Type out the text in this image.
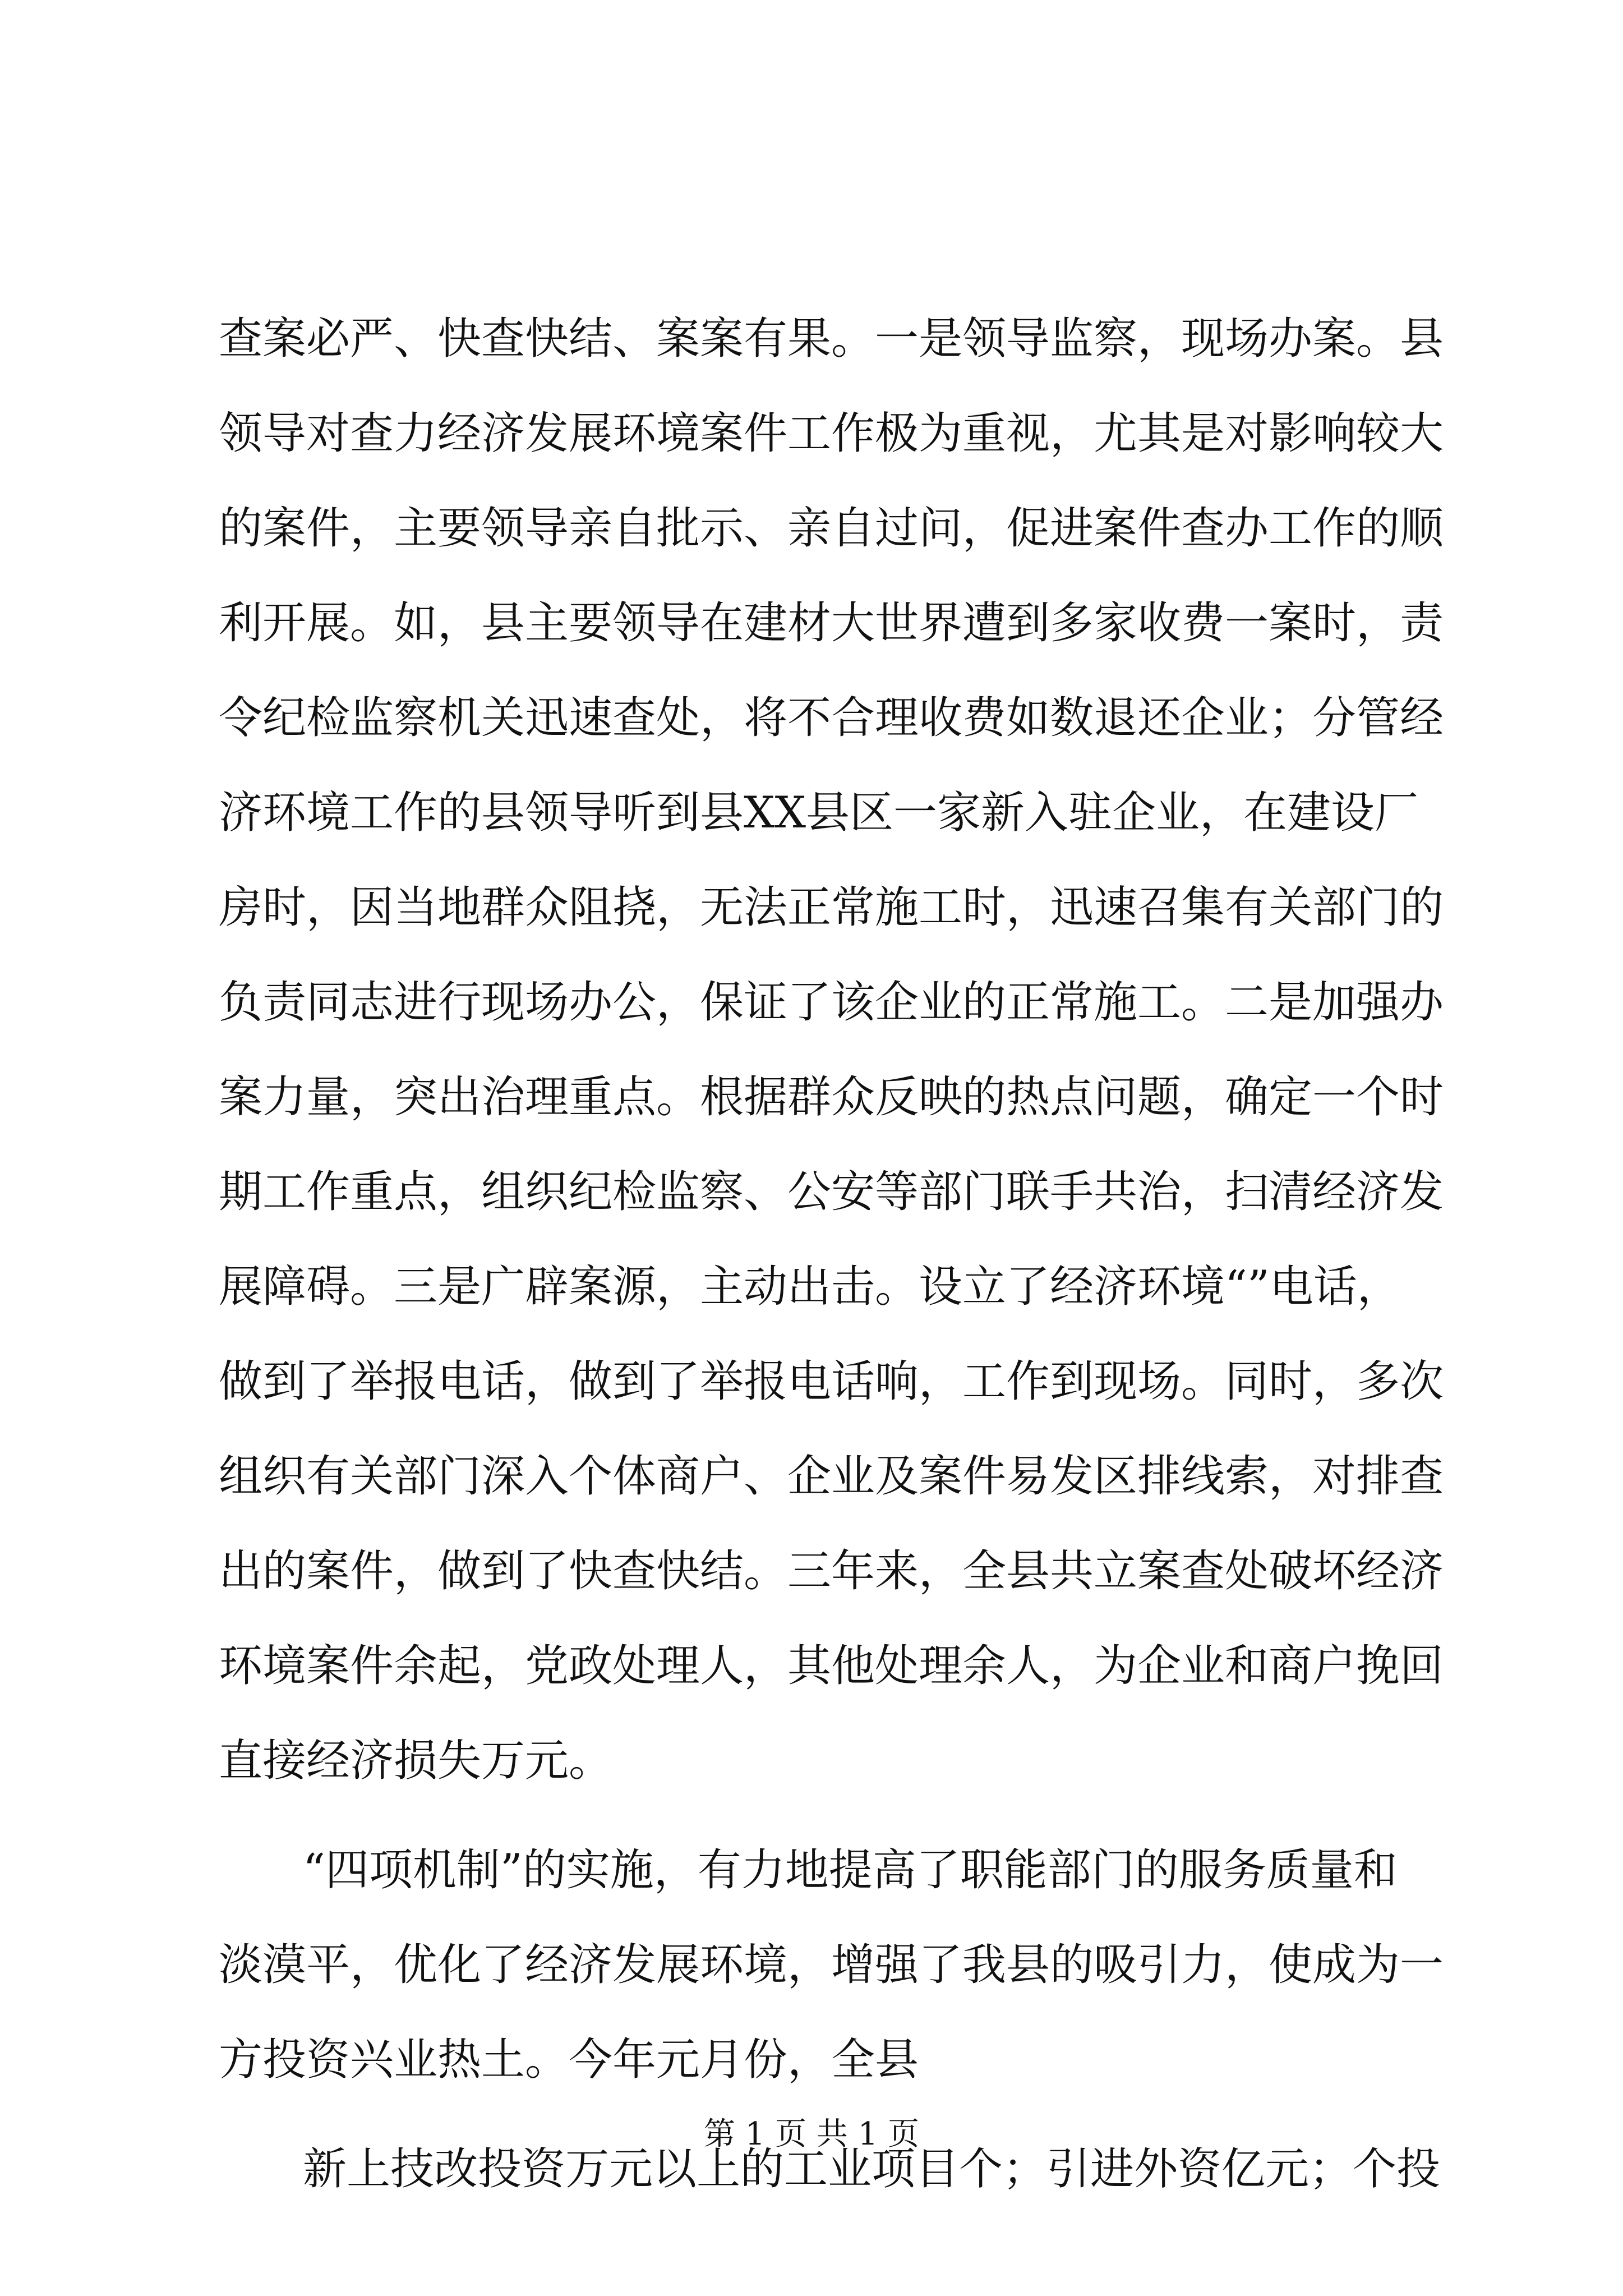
查案必严、快查快结、案案有果。一是领导监察，现场办案。县
领导对查力经济发展环境案件工作极为重视，尤其是对影响较大
的案件，主要领导亲自批示、亲自过问，促进案件查办工作的顺
利开展。如，县主要领导在建材大世界遭到多家收费一案时，责
令纪检监察机关迅速查处，将不合理收费如数退还企业；分管经
济环境工作的县领导听到县XX县区一家新入驻企业，在建设厂
房时，因当地群众阻挠，无法正常施工时，迅速召集有关部门的
负责同志进行现场办公，保证了该企业的正常施工。二是加强办
案力量，突出治理重点。根据群众反映的热点问题，确定一个时
期工作重点，组织纪检监察、公安等部门联手共治，扫清经济发
展障碍。三是广辟案源，主动出击。设立了经济环境“”电话，
做到了举报电话，做到了举报电话响，工作到现场。同时，多次
组织有关部门深入个体商户、企业及案件易发区排线索，对排查
出的案件，做到了快查快结。三年来，全县共立案查处破坏经济
环境案件余起，党政处理人，其他处理余人，为企业和商户挽回
直接经济损失万元。
“四项机制”的实施，有力地提高了职能部门的服务质量和
淡漠平，优化了经济发展环境，增强了我县的吸引力，使成为一
方投资兴业热土。今年元月份，全县
新上技改投资万元以上的工业项目个；引进外资亿元；个投
第 1 页 共 1 页
